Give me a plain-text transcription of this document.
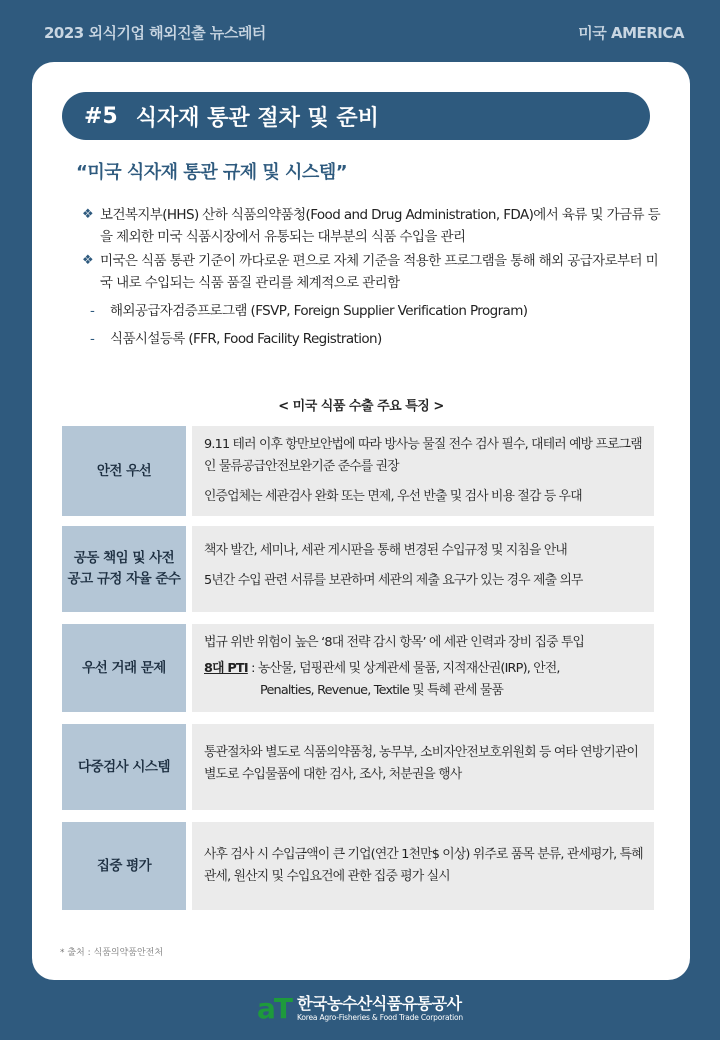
2023 외식기업 해외진출 뉴스레터	미국 AMERICA
#5 식자재 통관 절차 및 준비
“미국 식자재 통관 규제 및 시스템”
❖ 보건복지부(HHS) 산하 식품의약품청(Food and Drug Administration, FDA)에서 육류 및 가금류 등을 제외한 미국 식품시장에서 유통되는 대부분의 식품 수입을 관리
❖ 미국은 식품 통관 기준이 까다로운 편으로 자체 기준을 적용한 프로그램을 통해 해외 공급자로부터 미국 내로 수입되는 식품 품질 관리를 체계적으로 관리함
- 해외공급자검증프로그램 (FSVP, Foreign Supplier Verification Program)
- 식품시설등록 (FFR, Food Facility Registration)
< 미국 식품 수출 주요 특징 >
안전 우선

9.11 테러 이후 항만보안법에 따라 방사능 물질 전수 검사 필수, 대테러 예방 프로그램인 물류공급안전보완기준 준수를 권장

인증업체는 세관검사 완화 또는 면제, 우선 반출 및 검사 비용 절감 등 우대

공동 책임 및 사전
공고 규정 자율 준수

책자 발간, 세미나, 세관 게시판을 통해 변경된 수입규정 및 지침을 안내

5년간 수입 관련 서류를 보관하며 세관의 제출 요구가 있는 경우 제출 의무

우선 거래 문제

법규 위반 위험이 높은 ‘8대 전략 감시 항목’ 에 세관 인력과 장비 집중 투입

8대 PTI : 농산물, 덤핑관세 및 상계관세 물품, 지적재산권(IRP), 안전,

Penalties, Revenue, Textile 및 특혜 관세 물품

다중검사 시스템

통관절차와 별도로 식품의약품청, 농무부, 소비자안전보호위원회 등 여타 연방기관이 별도로 수입물품에 대한 검사, 조사, 처분권을 행사

집중 평가

사후 검사 시 수입금액이 큰 기업(연간 1천만$ 이상) 위주로 품목 분류, 관세평가, 특혜관세, 원산지 및 수입요건에 관한 집중 평가 실시

* 출처 : 식품의약품안전처
aT 한국농수산식품유통공사
Korea Agro-Fisheries & Food Trade Corporation
